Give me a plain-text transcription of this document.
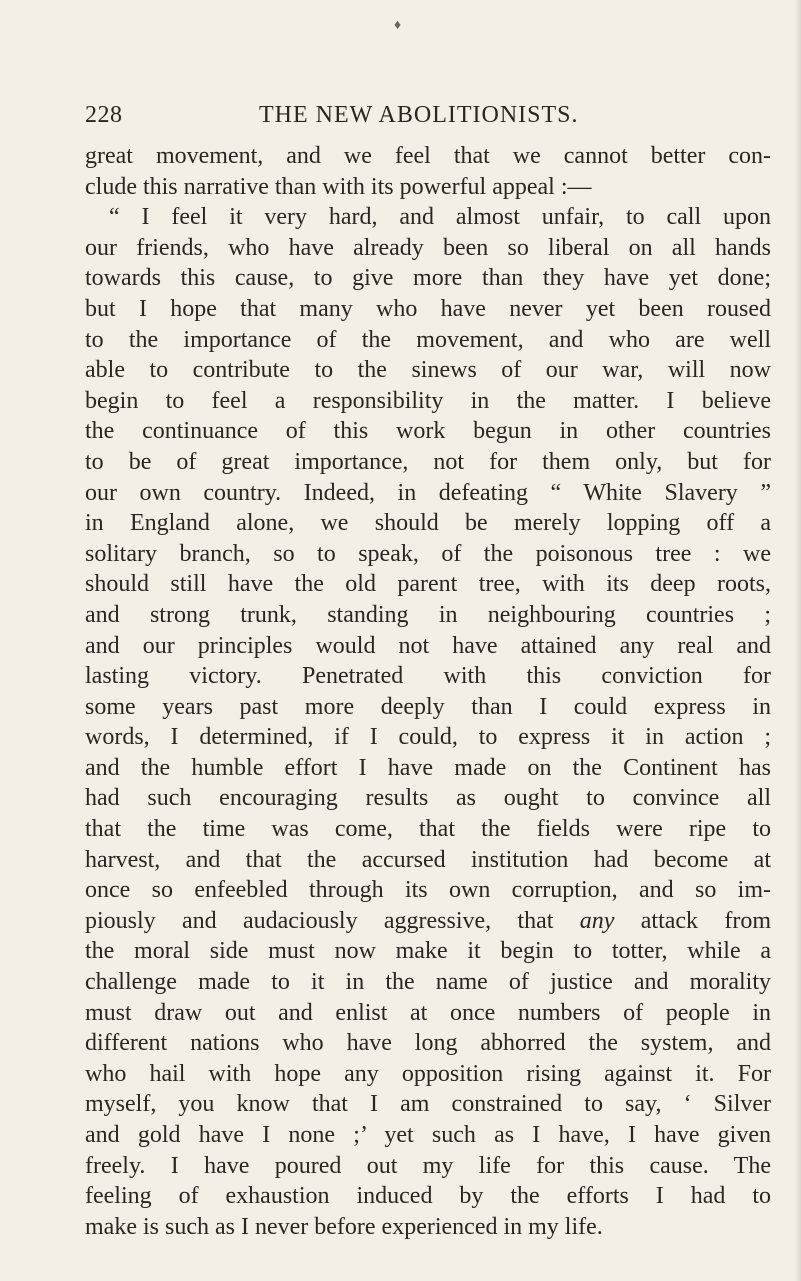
♦
228	THE NEW ABOLITIONISTS.
great movement, and we feel that we cannot better con-
clude this narrative than with its powerful appeal :—
“ I feel it very hard, and almost unfair, to call upon
our friends, who have already been so liberal on all hands
towards this cause, to give more than they have yet done;
but I hope that many who have never yet been roused
to the importance of the movement, and who are well
able to contribute to the sinews of our war, will now
begin to feel a responsibility in the matter. I believe
the continuance of this work begun in other countries
to be of great importance, not for them only, but for
our own country. Indeed, in defeating “ White Slavery ”
in England alone, we should be merely lopping off a
solitary branch, so to speak, of the poisonous tree : we
should still have the old parent tree, with its deep roots,
and strong trunk, standing in neighbouring countries ;
and our principles would not have attained any real and
lasting victory. Penetrated with this conviction for
some years past more deeply than I could express in
words, I determined, if I could, to express it in action ;
and the humble effort I have made on the Continent has
had such encouraging results as ought to convince all
that the time was come, that the fields were ripe to
harvest, and that the accursed institution had become at
once so enfeebled through its own corruption, and so im-
piously and audaciously aggressive, that any attack from
the moral side must now make it begin to totter, while a
challenge made to it in the name of justice and morality
must draw out and enlist at once numbers of people in
different nations who have long abhorred the system, and
who hail with hope any opposition rising against it. For
myself, you know that I am constrained to say, ‘ Silver
and gold have I none ;’ yet such as I have, I have given
freely. I have poured out my life for this cause. The
feeling of exhaustion induced by the efforts I had to
make is such as I never before experienced in my life.
